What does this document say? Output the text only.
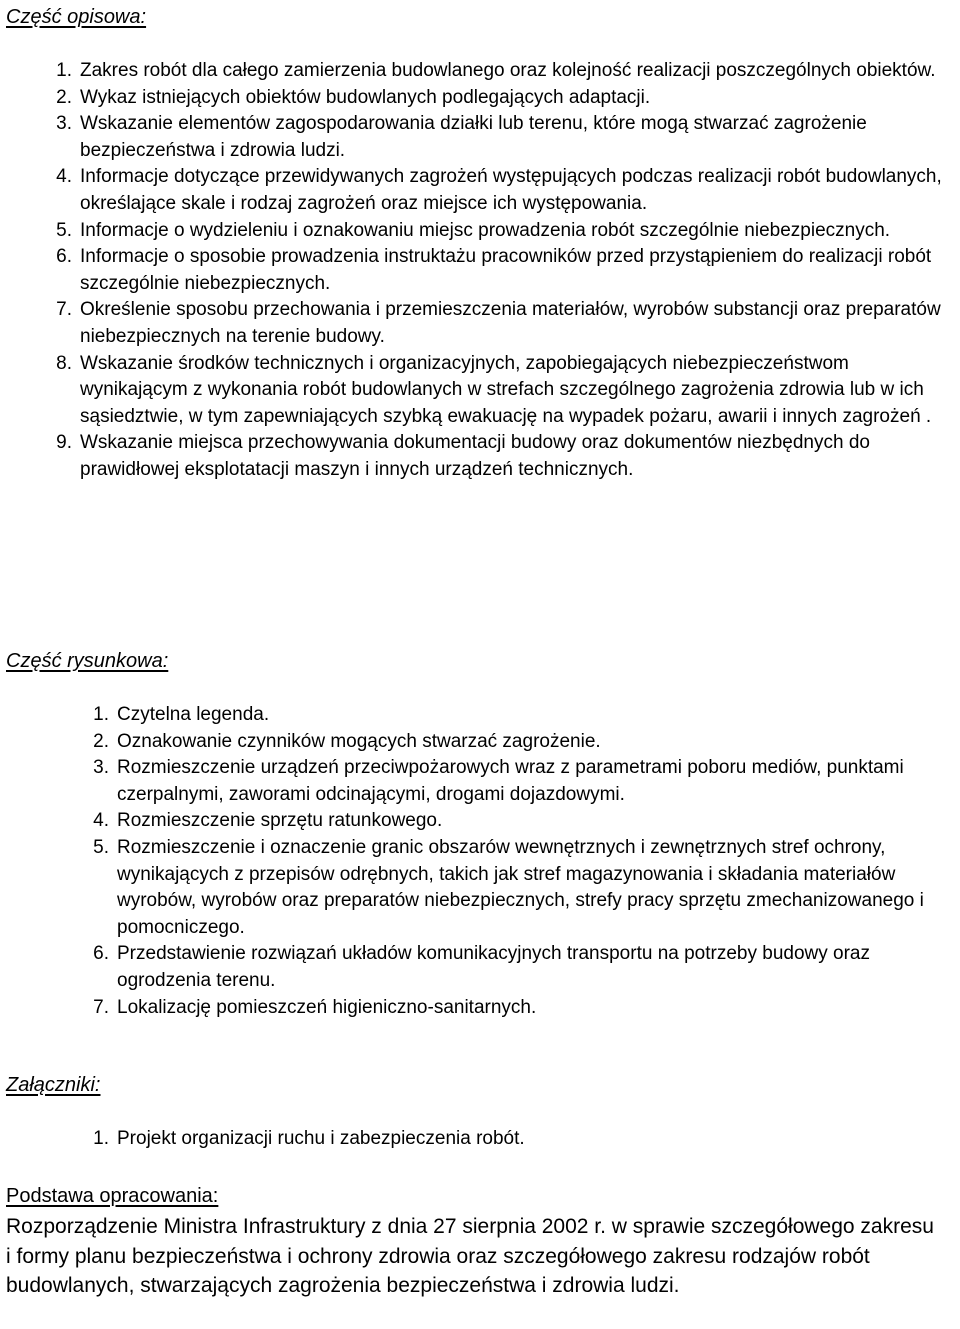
Część opisowa:
1. Zakres robót dla całego zamierzenia budowlanego oraz kolejność realizacji poszczególnych obiektów.
2. Wykaz istniejących obiektów budowlanych podlegających adaptacji.
3. Wskazanie elementów zagospodarowania działki lub terenu, które mogą stwarzać zagrożenie bezpieczeństwa i zdrowia ludzi.
4. Informacje dotyczące przewidywanych zagrożeń występujących podczas realizacji robót budowlanych, określające skale i rodzaj zagrożeń oraz miejsce ich występowania.
5. Informacje o wydzieleniu i oznakowaniu miejsc prowadzenia robót szczególnie niebezpiecznych.
6. Informacje o sposobie prowadzenia instruktażu pracowników przed przystąpieniem do realizacji robót szczególnie niebezpiecznych.
7. Określenie sposobu przechowania i przemieszczenia materiałów, wyrobów substancji oraz preparatów niebezpiecznych na terenie budowy.
8. Wskazanie środków technicznych i organizacyjnych, zapobiegających niebezpieczeństwom wynikającym z wykonania robót budowlanych w strefach szczególnego zagrożenia zdrowia lub w ich sąsiedztwie, w tym zapewniających szybką ewakuację na wypadek pożaru, awarii i innych zagrożeń .
9. Wskazanie miejsca przechowywania dokumentacji budowy oraz dokumentów niezbędnych do prawidłowej eksplotatacji maszyn i innych urządzeń technicznych.
Część rysunkowa:
1. Czytelna legenda.
2. Oznakowanie czynników mogących stwarzać zagrożenie.
3. Rozmieszczenie urządzeń przeciwpożarowych wraz z parametrami poboru mediów, punktami czerpalnymi, zaworami odcinającymi, drogami dojazdowymi.
4. Rozmieszczenie sprzętu ratunkowego.
5. Rozmieszczenie i oznaczenie granic obszarów wewnętrznych i zewnętrznych stref ochrony, wynikających z przepisów odrębnych, takich jak stref magazynowania i składania materiałów wyrobów, wyrobów oraz preparatów niebezpiecznych, strefy pracy sprzętu zmechanizowanego i pomocniczego.
6. Przedstawienie rozwiązań układów komunikacyjnych transportu na potrzeby budowy oraz ogrodzenia terenu.
7. Lokalizację pomieszczeń higieniczno-sanitarnych.
Załączniki:
1. Projekt organizacji ruchu i zabezpieczenia robót.
Podstawa opracowania:

Rozporządzenie Ministra Infrastruktury z dnia 27 sierpnia 2002 r. w sprawie szczegółowego zakresu i formy planu bezpieczeństwa i ochrony zdrowia oraz szczegółowego zakresu rodzajów robót budowlanych, stwarzających zagrożenia bezpieczeństwa i zdrowia ludzi.
